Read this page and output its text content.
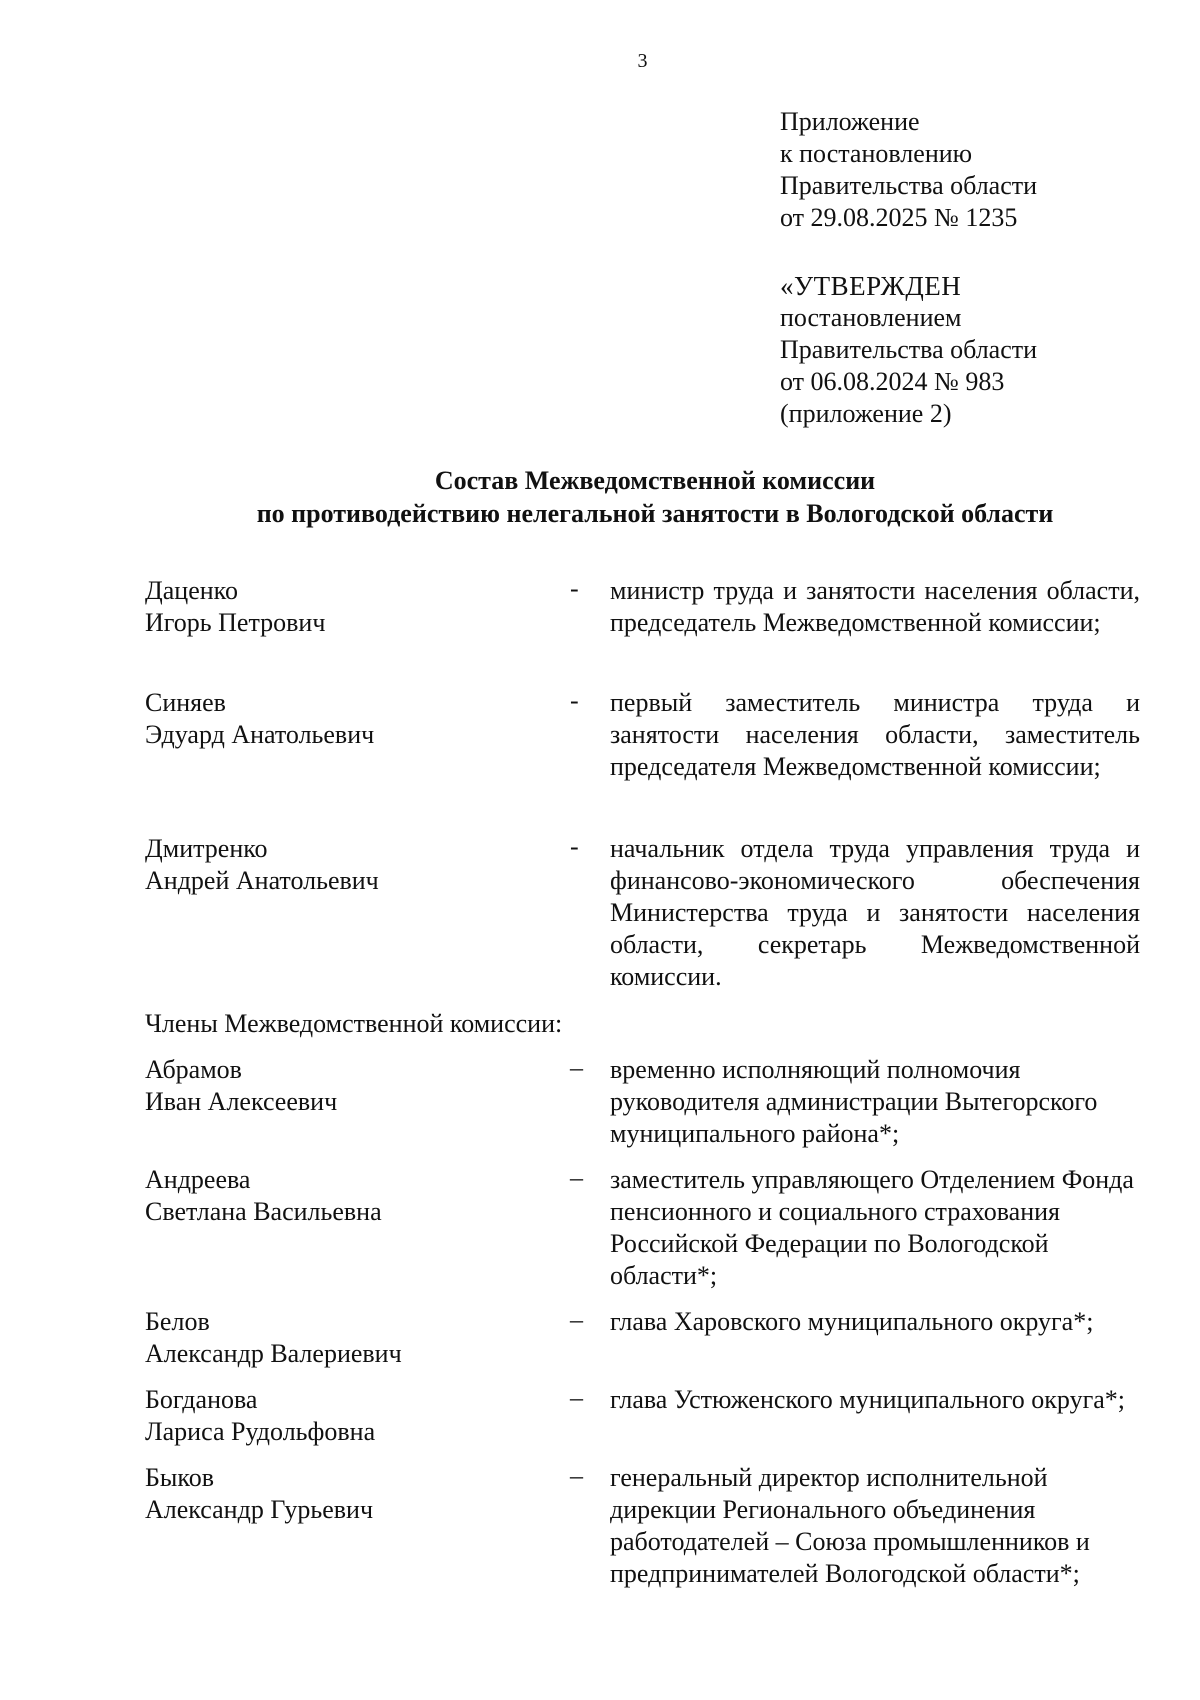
3
Приложение
к постановлению
Правительства области
от 29.08.2025 № 1235
«УТВЕРЖДЕН
постановлением
Правительства области
от 06.08.2024 № 983
(приложение 2)
Состав Межведомственной комиссии
по противодействию нелегальной занятости в Вологодской области
Даценко
Игорь Петрович
-	министр труда и занятости населения области, председатель Межведомственной комиссии;
Синяев
Эдуард Анатольевич
-	первый заместитель министра труда и занятости населения области, заместитель председателя Межведомственной комиссии;
Дмитренко
Андрей Анатольевич
-	начальник отдела труда управления труда и финансово-экономического обеспечения Министерства труда и занятости населения области, секретарь Межведомственной комиссии.
Члены Межведомственной комиссии:
Абрамов
Иван Алексеевич
–	временно исполняющий полномочия руководителя администрации Вытегорского муниципального района*;
Андреева
Светлана Васильевна
–	заместитель управляющего Отделением Фонда пенсионного и социального страхования Российской Федерации по Вологодской области*;
Белов
Александр Валериевич
–	глава Харовского муниципального округа*;
Богданова
Лариса Рудольфовна
–	глава Устюженского муниципального округа*;
Быков
Александр Гурьевич
–	генеральный директор исполнительной дирекции Регионального объединения работодателей – Союза промышленников и предпринимателей Вологодской области*;
